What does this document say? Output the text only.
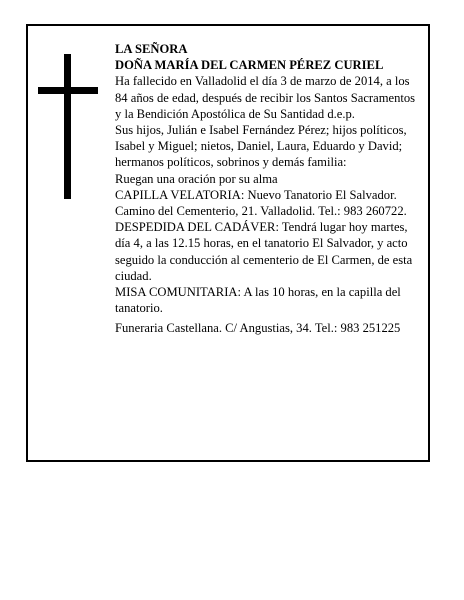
LA SEÑORA

DOÑA MARÍA DEL CARMEN PÉREZ CURIEL

Ha fallecido en Valladolid el día 3 de marzo de 2014, a los 84 años de edad, después de recibir los Santos Sacramentos y la Bendición Apostólica de Su Santidad d.e.p.

Sus hijos, Julián e Isabel Fernández Pérez; hijos políticos, Isabel y Miguel; nietos, Daniel, Laura, Eduardo y David; hermanos políticos, sobrinos y demás familia:

Ruegan una oración por su alma

CAPILLA VELATORIA: Nuevo Tanatorio El Salvador. Camino del Cementerio, 21. Valladolid. Tel.: 983 260722.

DESPEDIDA DEL CADÁVER: Tendrá lugar hoy martes, día 4, a las 12.15 horas, en el tanatorio El Salvador, y acto seguido la conducción al cementerio de El Carmen, de esta ciudad.

MISA COMUNITARIA: A las 10 horas, en la capilla del tanatorio.

Funeraria Castellana. C/ Angustias, 34. Tel.: 983 251225
